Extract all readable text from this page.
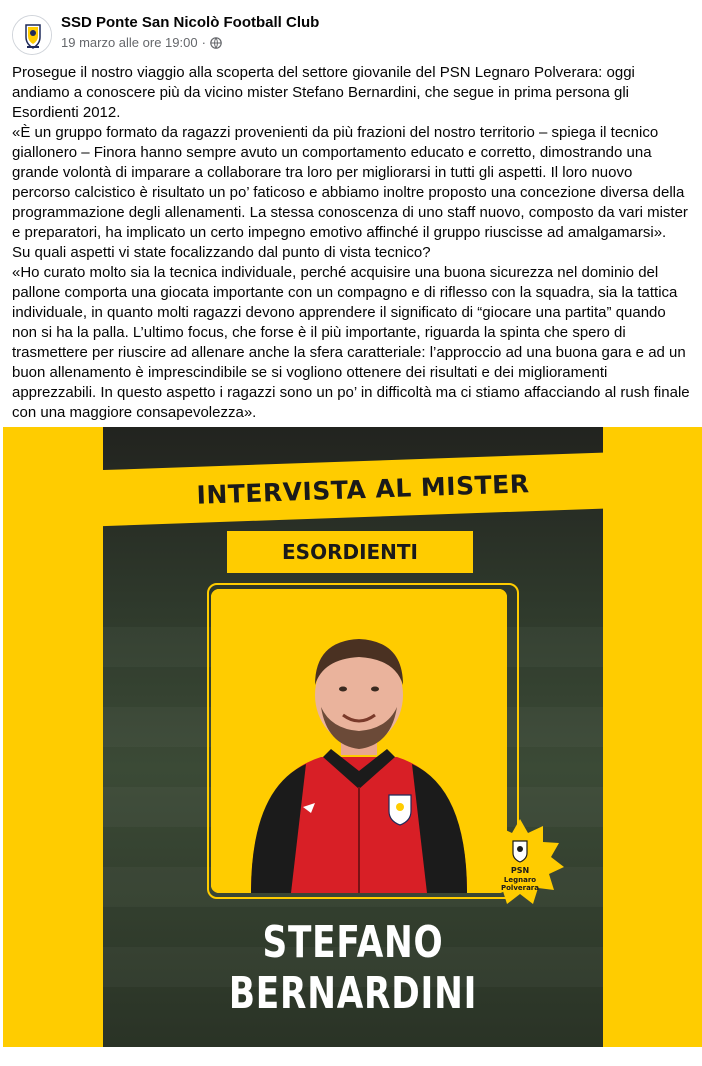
SSD Ponte San Nicolò Football Club
19 marzo alle ore 19:00 ·

Prosegue il nostro viaggio alla scoperta del settore giovanile del PSN Legnaro Polverara: oggi andiamo a conoscere più da vicino mister Stefano Bernardini, che segue in prima persona gli Esordienti 2012.

«È un gruppo formato da ragazzi provenienti da più frazioni del nostro territorio – spiega il tecnico giallonero – Finora hanno sempre avuto un comportamento educato e corretto, dimostrando una grande volontà di imparare a collaborare tra loro per migliorarsi in tutti gli aspetti. Il loro nuovo percorso calcistico è risultato un po’ faticoso e abbiamo inoltre proposto una concezione diversa della programmazione degli allenamenti. La stessa conoscenza di uno staff nuovo, composto da vari mister e preparatori, ha implicato un certo impegno emotivo affinché il gruppo riuscisse ad amalgamarsi».

Su quali aspetti vi state focalizzando dal punto di vista tecnico?

«Ho curato molto sia la tecnica individuale, perché acquisire una buona sicurezza nel dominio del pallone comporta una giocata importante con un compagno e di riflesso con la squadra, sia la tattica individuale, in quanto molti ragazzi devono apprendere il significato di “giocare una partita” quando non si ha la palla. L’ultimo focus, che forse è il più importante, riguarda la spinta che spero di trasmettere per riuscire ad allenare anche la sfera caratteriale: l’approccio ad una buona gara e ad un buon allenamento è imprescindibile se si vogliono ottenere dei risultati e dei miglioramenti apprezzabili. In questo aspetto i ragazzi sono un po’ in difficoltà ma ci stiamo affacciando al rush finale con una maggiore consapevolezza».

INTERVISTA AL MISTER
ESORDIENTI
PSN
Legnaro
Polverara
STEFANO BERNARDINI
